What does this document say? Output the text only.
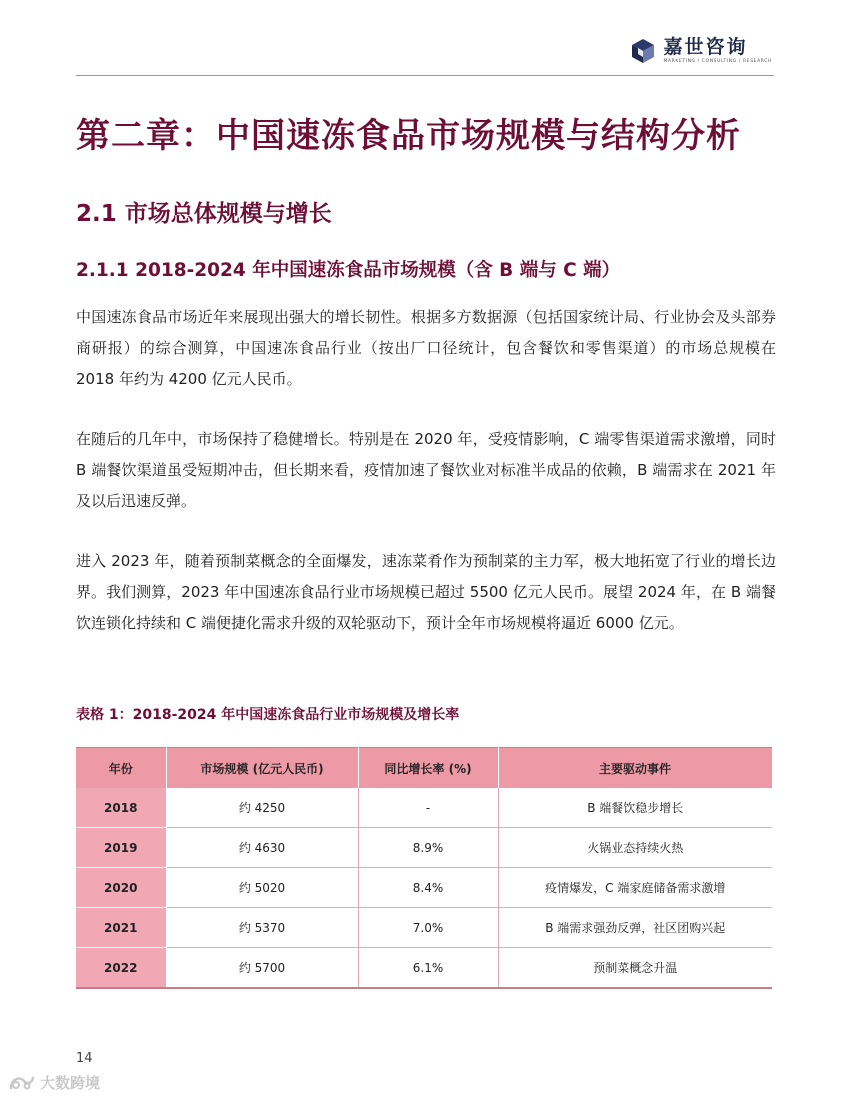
嘉世咨询
MARKETING / CONSULTING / RESEARCH
第二章：中国速冻食品市场规模与结构分析
2.1 市场总体规模与增长
2.1.1 2018-2024 年中国速冻食品市场规模（含 B 端与 C 端）

中国速冻食品市场近年来展现出强大的增长韧性。根据多方数据源（包括国家统计局、行业协会及头部券商研报）的综合测算，中国速冻食品行业（按出厂口径统计，包含餐饮和零售渠道）的市场总规模在 2018 年约为 4200 亿元人民币。

在随后的几年中，市场保持了稳健增长。特别是在 2020 年，受疫情影响，C 端零售渠道需求激增，同时 B 端餐饮渠道虽受短期冲击，但长期来看，疫情加速了餐饮业对标准半成品的依赖，B 端需求在 2021 年及以后迅速反弹。

进入 2023 年，随着预制菜概念的全面爆发，速冻菜肴作为预制菜的主力军，极大地拓宽了行业的增长边界。我们测算，2023 年中国速冻食品行业市场规模已超过 5500 亿元人民币。展望 2024 年，在 B 端餐饮连锁化持续和 C 端便捷化需求升级的双轮驱动下，预计全年市场规模将逼近 6000 亿元。

表格 1：2018-2024 年中国速冻食品行业市场规模及增长率

年份	市场规模 (亿元人民币)	同比增长率 (%)	主要驱动事件
2018	约 4250	-	B 端餐饮稳步增长
2019	约 4630	8.9%	火锅业态持续火热
2020	约 5020	8.4%	疫情爆发，C 端家庭储备需求激增
2021	约 5370	7.0%	B 端需求强劲反弹，社区团购兴起
2022	约 5700	6.1%	预制菜概念升温
14
大数跨境
